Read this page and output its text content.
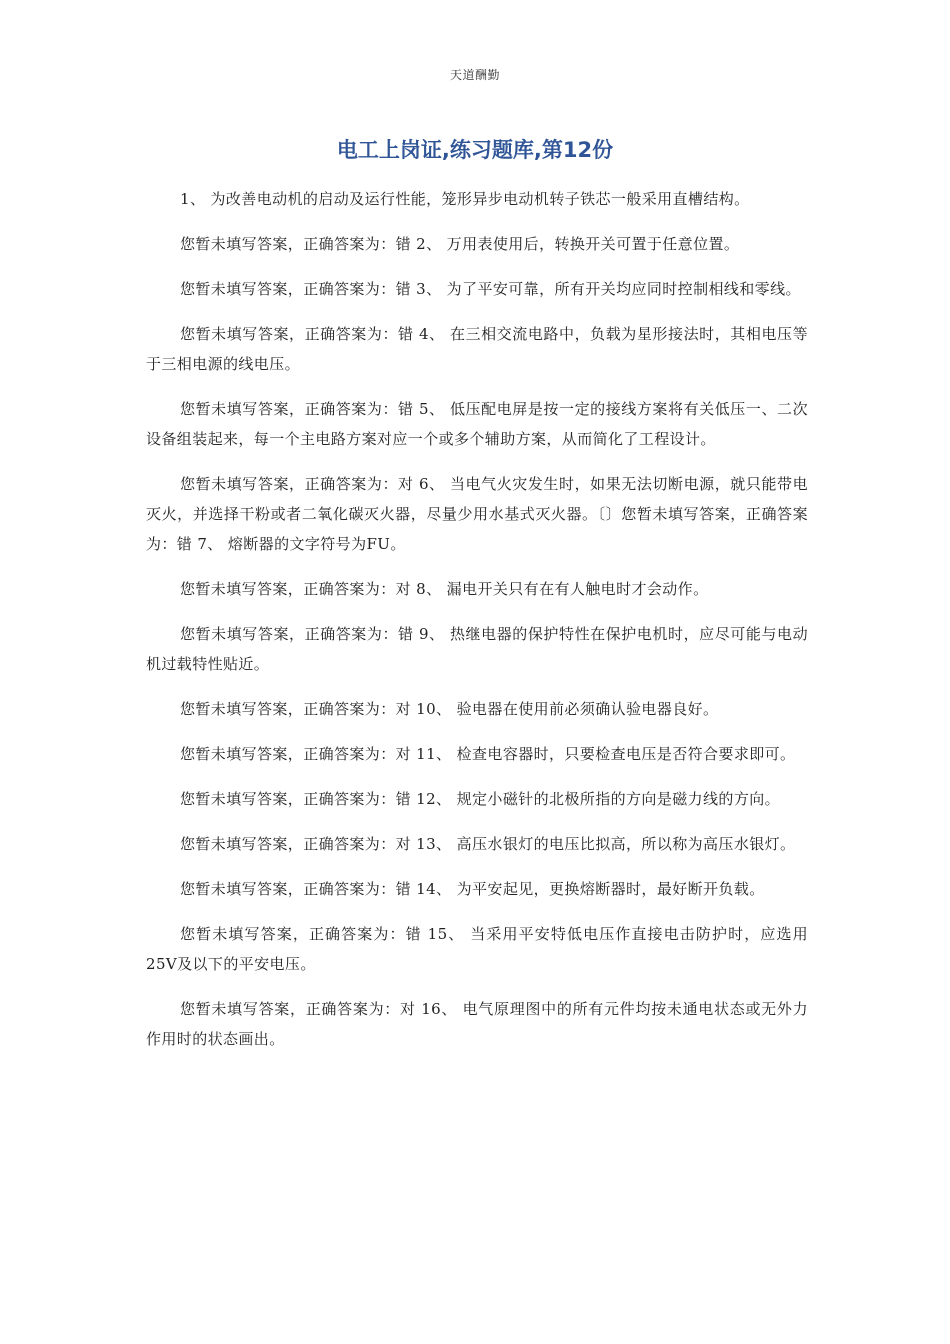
天道酬勤
电工上岗证,练习题库,第12份

1、 为改善电动机的启动及运行性能，笼形异步电动机转子铁芯一般采用直槽结构。

您暂未填写答案，正确答案为：错 2、 万用表使用后，转换开关可置于任意位置。

您暂未填写答案，正确答案为：错 3、 为了平安可靠，所有开关均应同时控制相线和零线。

您暂未填写答案，正确答案为：错 4、 在三相交流电路中，负载为星形接法时，其相电压等于三相电源的线电压。

您暂未填写答案，正确答案为：错 5、 低压配电屏是按一定的接线方案将有关低压一、二次设备组装起来，每一个主电路方案对应一个或多个辅助方案，从而简化了工程设计。

您暂未填写答案，正确答案为：对 6、 当电气火灾发生时，如果无法切断电源，就只能带电灭火，并选择干粉或者二氧化碳灭火器，尽量少用水基式灭火器。〔〕您暂未填写答案，正确答案为：错 7、 熔断器的文字符号为FU。

您暂未填写答案，正确答案为：对 8、 漏电开关只有在有人触电时才会动作。

您暂未填写答案，正确答案为：错 9、 热继电器的保护特性在保护电机时，应尽可能与电动机过载特性贴近。

您暂未填写答案，正确答案为：对 10、 验电器在使用前必须确认验电器良好。

您暂未填写答案，正确答案为：对 11、 检查电容器时，只要检查电压是否符合要求即可。

您暂未填写答案，正确答案为：错 12、 规定小磁针的北极所指的方向是磁力线的方向。

您暂未填写答案，正确答案为：对 13、 高压水银灯的电压比拟高，所以称为高压水银灯。

您暂未填写答案，正确答案为：错 14、 为平安起见，更换熔断器时，最好断开负载。

您暂未填写答案，正确答案为：错 15、 当采用平安特低电压作直接电击防护时，应选用25V及以下的平安电压。

您暂未填写答案，正确答案为：对 16、 电气原理图中的所有元件均按未通电状态或无外力作用时的状态画出。
